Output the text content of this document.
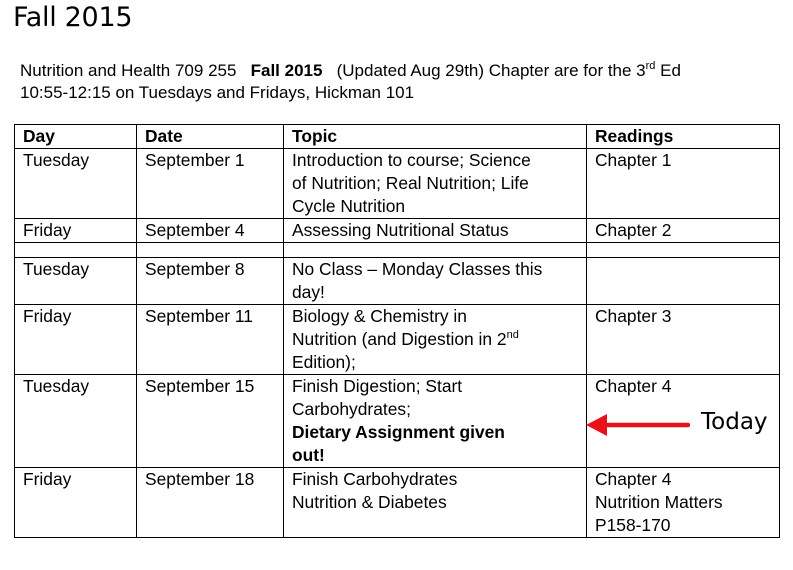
Fall 2015
Nutrition and Health 709 255 Fall 2015 (Updated Aug 29th) Chapter are for the 3rd Ed
10:55-12:15 on Tuesdays and Fridays, Hickman 101
Day	Date	Topic	Readings
Tuesday	September 1	Introduction to course; Science
of Nutrition; Real Nutrition; Life
Cycle Nutrition	Chapter 1

Friday	September 4	Assessing Nutritional Status	Chapter 2

Tuesday	September 8	No Class – Monday Classes this
day!	

Friday	September 11	Biology & Chemistry in
Nutrition (and Digestion in 2nd
Edition);	Chapter 3

Tuesday	September 15	Finish Digestion; Start
Carbohydrates;
Dietary Assignment given
out!	Chapter 4

Friday	September 18	Finish Carbohydrates
Nutrition & Diabetes	Chapter 4
Nutrition Matters
P158-170
Today
